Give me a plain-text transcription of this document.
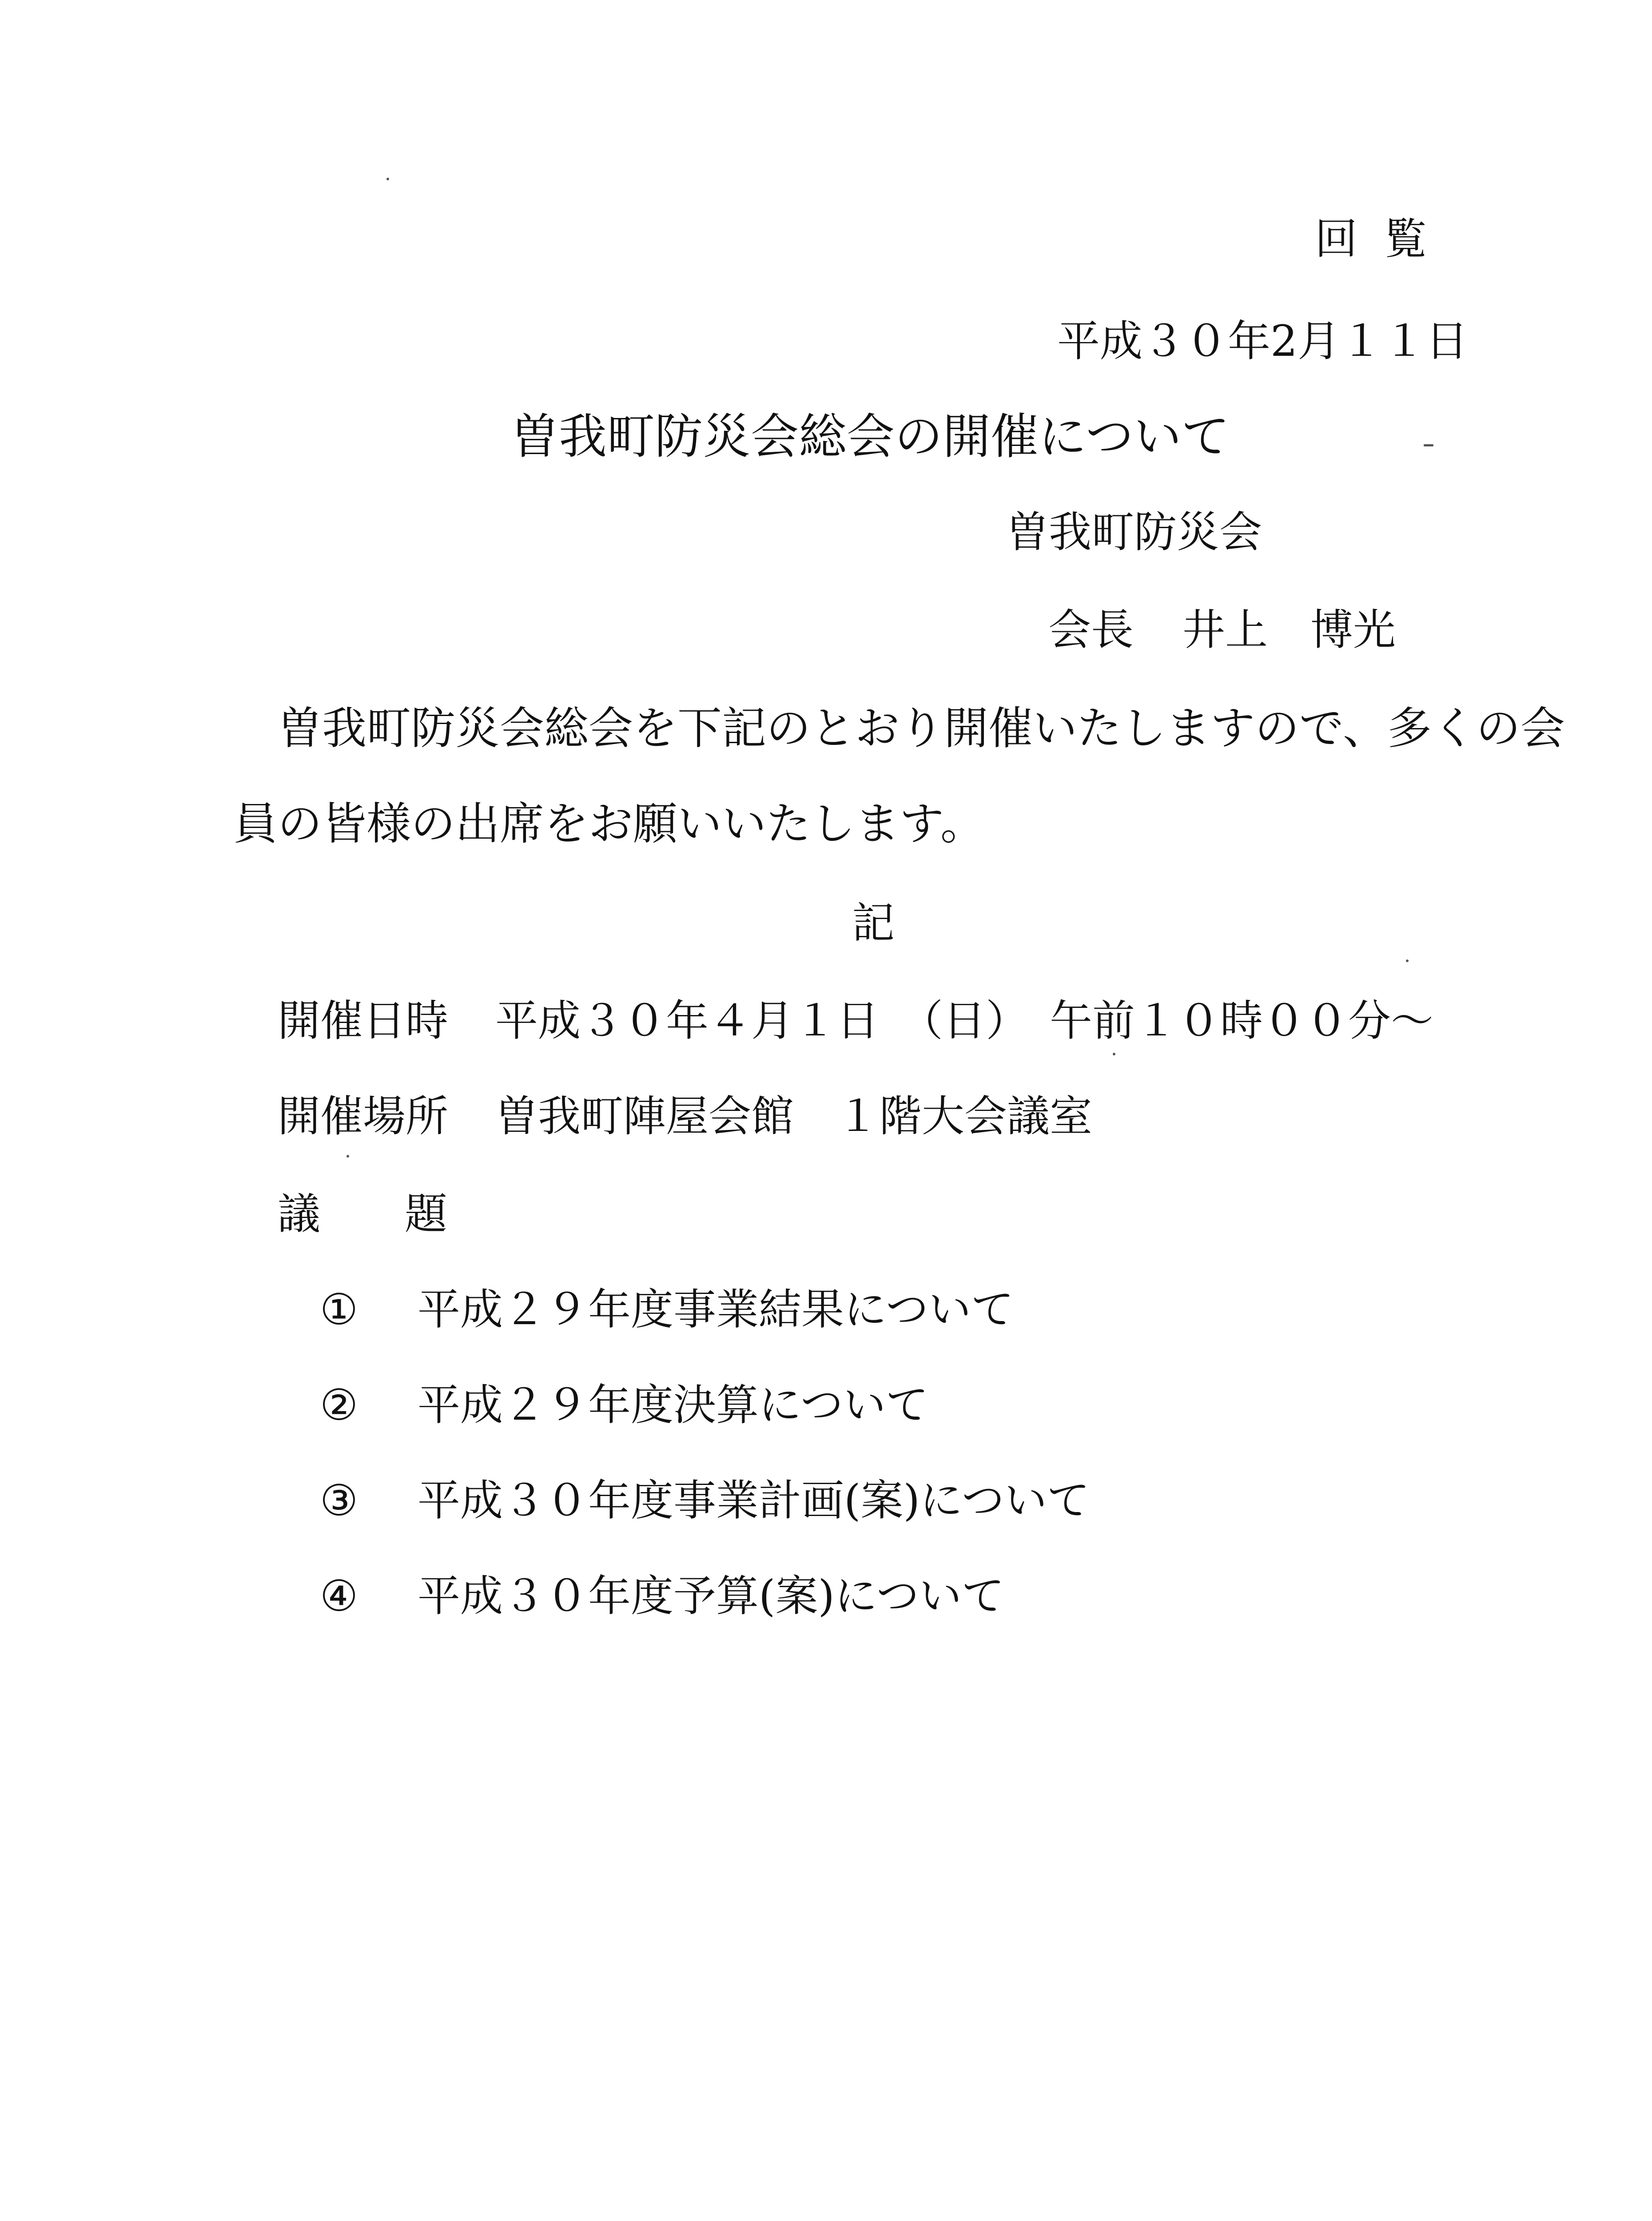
回覧
平成３０年2月１１日
曽我町防災会総会の開催について
曽我町防災会
会長 井上　博光
曽我町防災会総会を下記のとおり開催いたしますので、多くの会
員の皆様の出席をお願いいたします。
記
開催日時 平成３０年４月１日　（日）　午前１０時００分～
開催場所 曽我町陣屋会館　１階大会議室
議題
① 平成２９年度事業結果について
② 平成２９年度決算について
③ 平成３０年度事業計画(案)について
④ 平成３０年度予算(案)について
